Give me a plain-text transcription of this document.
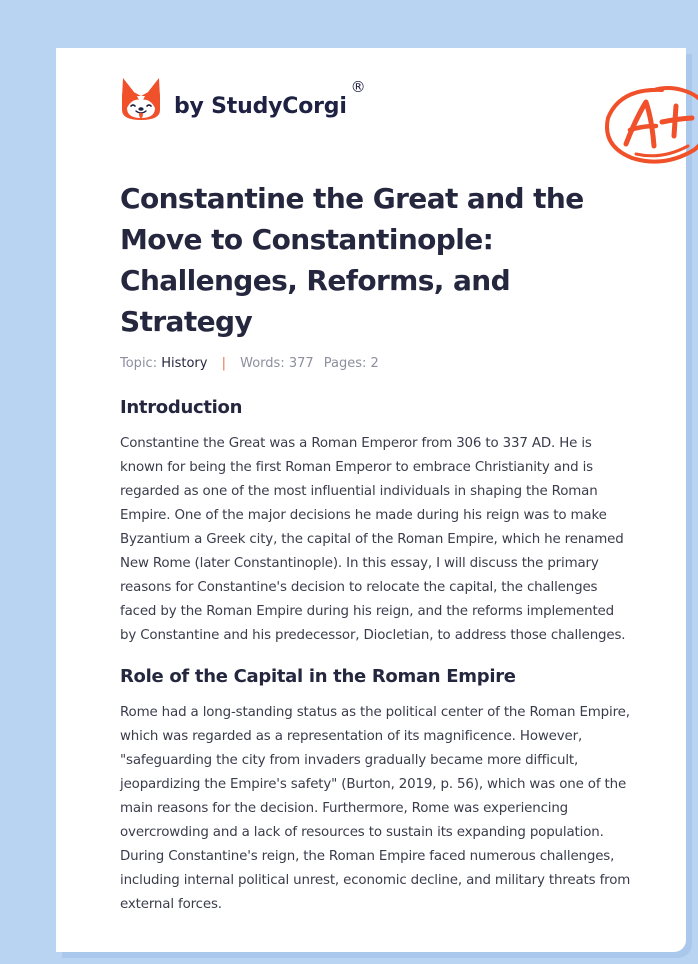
by StudyCorgi
®
Constantine the Great and the Move to Constantinople: Challenges, Reforms, and Strategy
Topic: History | Words: 377 Pages: 2
Introduction

Constantine the Great was a Roman Emperor from 306 to 337 AD. He is known for being the first Roman Emperor to embrace Christianity and is regarded as one of the most influential individuals in shaping the Roman Empire. One of the major decisions he made during his reign was to make Byzantium a Greek city, the capital of the Roman Empire, which he renamed New Rome (later Constantinople). In this essay, I will discuss the primary reasons for Constantine's decision to relocate the capital, the challenges faced by the Roman Empire during his reign, and the reforms implemented by Constantine and his predecessor, Diocletian, to address those challenges.

Role of the Capital in the Roman Empire

Rome had a long-standing status as the political center of the Roman Empire, which was regarded as a representation of its magnificence. However, "safeguarding the city from invaders gradually became more difficult, jeopardizing the Empire's safety" (Burton, 2019, p. 56), which was one of the main reasons for the decision. Furthermore, Rome was experiencing overcrowding and a lack of resources to sustain its expanding population. During Constantine's reign, the Roman Empire faced numerous challenges, including internal political unrest, economic decline, and military threats from external forces.
